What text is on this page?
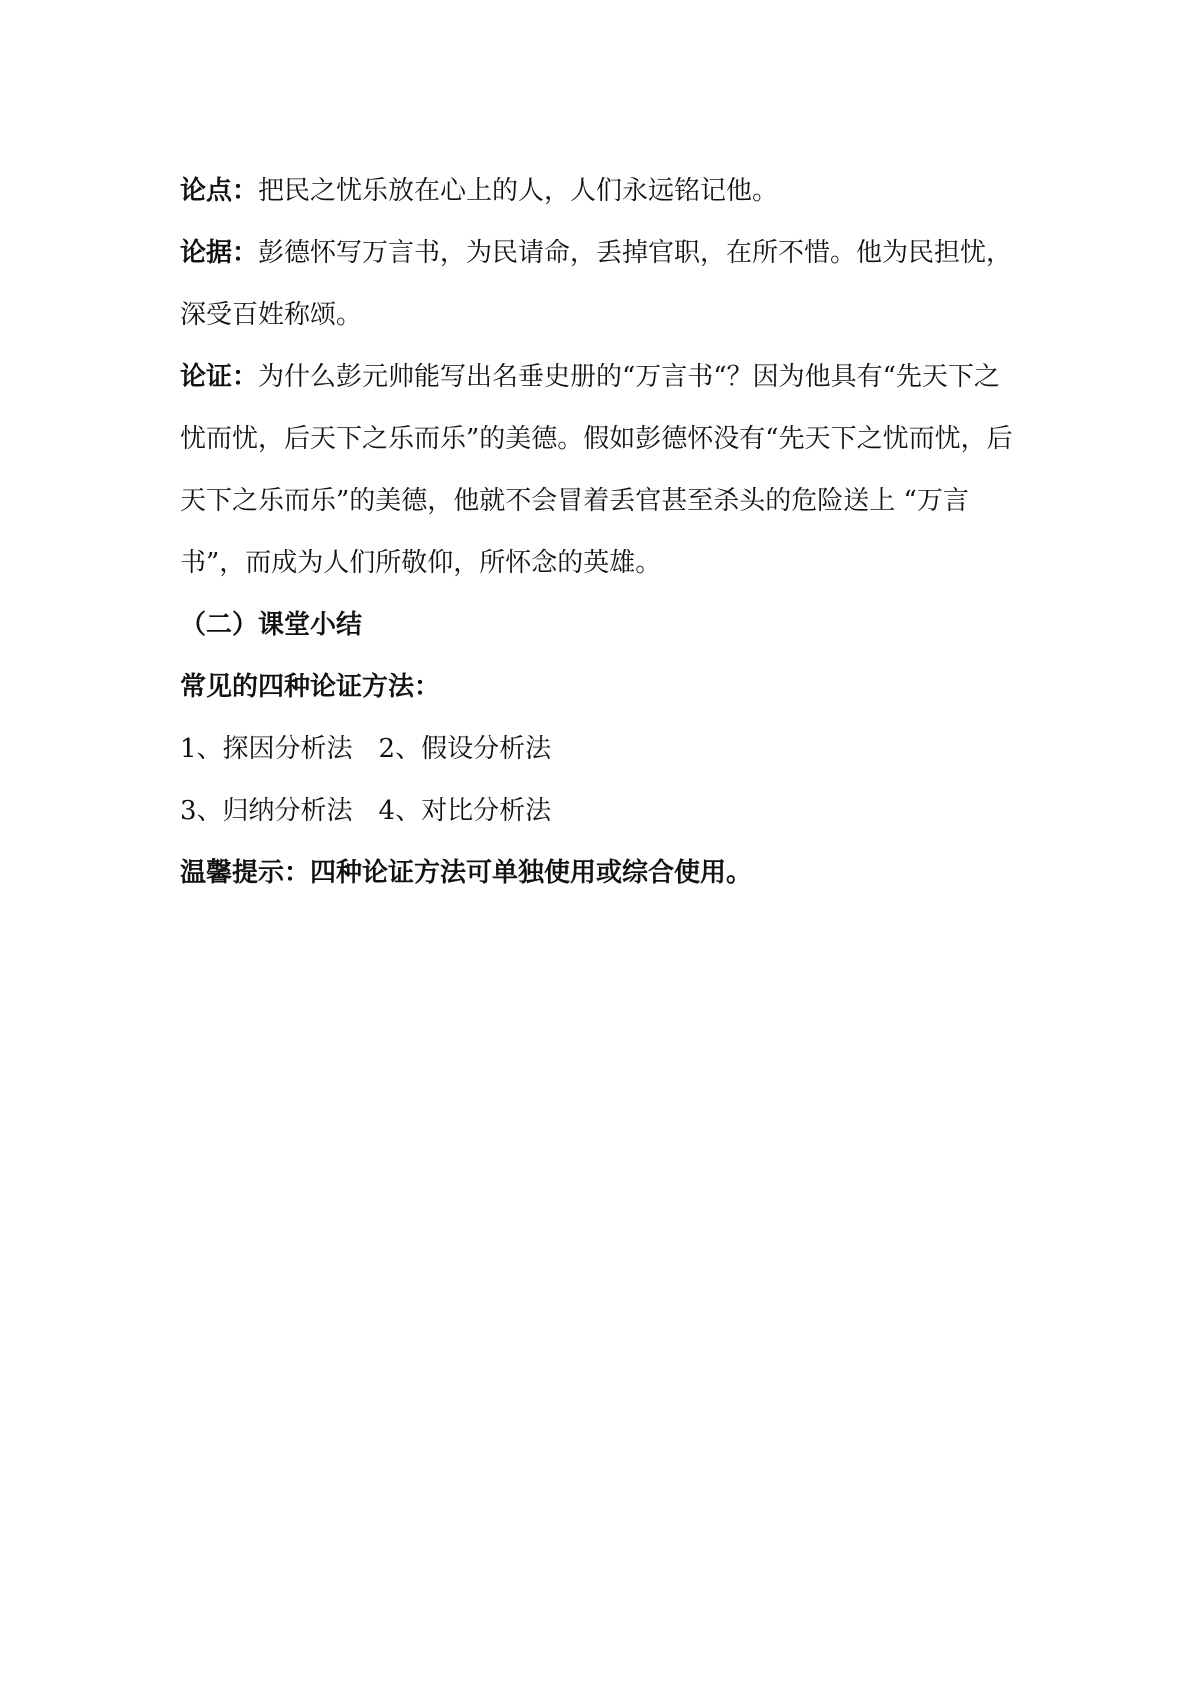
论点：把民之忧乐放在心上的人，人们永远铭记他。

论据：彭德怀写万言书，为民请命，丢掉官职，在所不惜。他为民担忧，深受百姓称颂。

论证：为什么彭元帅能写出名垂史册的“万言书“？因为他具有“先天下之忧而忧，后天下之乐而乐”的美德。假如彭德怀没有“先天下之忧而忧，后天下之乐而乐”的美德，他就不会冒着丢官甚至杀头的危险送上 “万言书”，而成为人们所敬仰，所怀念的英雄。

（二）课堂小结

常见的四种论证方法：

1、探因分析法　2、假设分析法

3、归纳分析法　4、对比分析法

温馨提示：四种论证方法可单独使用或综合使用。
